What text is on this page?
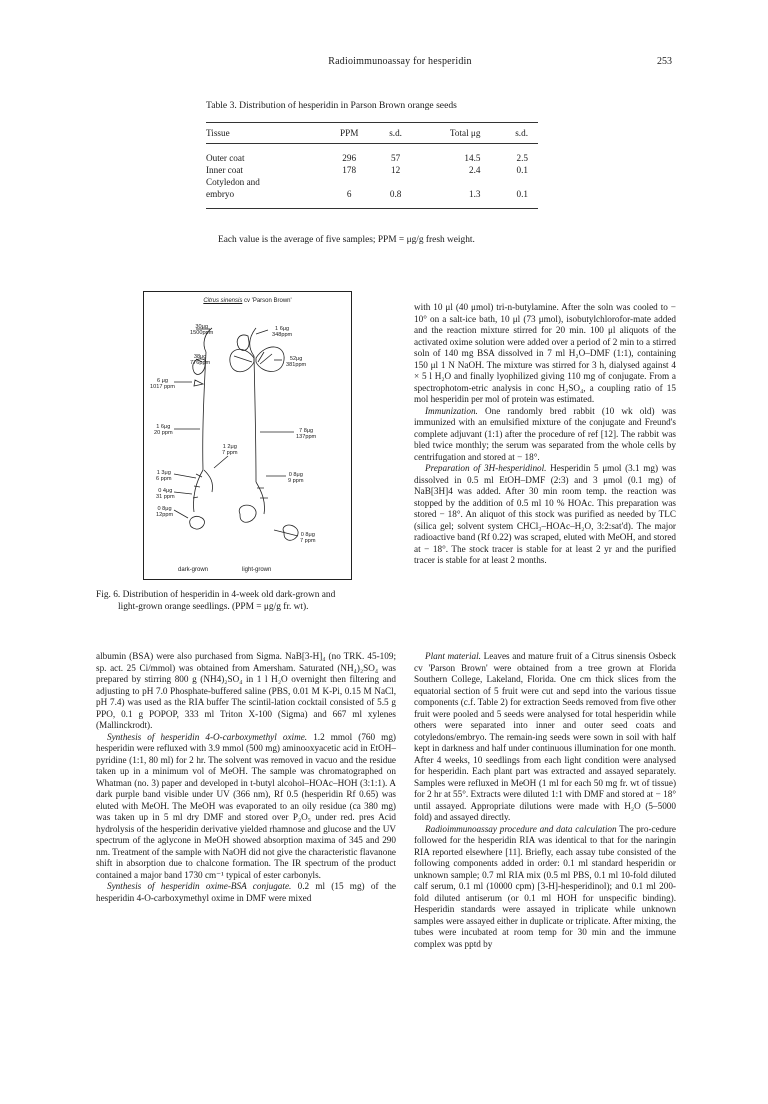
Radioimmunoassay for hesperidin	253
Table 3. Distribution of hesperidin in Parson Brown orange seeds
Tissue	PPM	s.d.	Total μg	s.d.
Outer coat	296	57	14.5	2.5
Inner coat	178	12	2.4	0.1
Cotyledon and				
embryo	6	0.8	1.3	0.1
Each value is the average of five samples; PPM = μg/g fresh weight.
Citrus sinensis cv 'Parson Brown'
30μg
1500ppm
38μg
776ppm
6 μg
1017 ppm
1 6μg
20 ppm
1 3μg
6 ppm
0 4μg
31 ppm
0 8μg
12ppm
1 6μg
348ppm
52μg
381ppm
7 8μg
137ppm
1 2μg
7 ppm
0 8μg
9 ppm
0 8μg
7 ppm
dark-grown	light-grown
Fig. 6. Distribution of hesperidin in 4-week old dark-grown and
light-grown orange seedlings. (PPM = μg/g fr. wt).

with 10 μl (40 μmol) tri-n-butylamine. After the soln was cooled to − 10° on a salt-ice bath, 10 μl (73 μmol), isobutylchlorofor-mate added and the reaction mixture stirred for 20 min. 100 μl aliquots of the activated oxime solution were added over a period of 2 min to a stirred soln of 140 mg BSA dissolved in 7 ml H₂O–DMF (1:1), containing 150 μl 1 N NaOH. The mixture was stirred for 3 h, dialysed against 4 × 5 l H₂O and finally lyophilized giving 110 mg of conjugate. From a spectrophotom-etric analysis in conc H₂SO₄, a coupling ratio of 15 mol hesperidin per mol of protein was estimated.

Immunization. One randomly bred rabbit (10 wk old) was immunized with an emulsified mixture of the conjugate and Freund's complete adjuvant (1:1) after the procedure of ref [12]. The rabbit was bled twice monthly; the serum was separated from the whole cells by centrifugation and stored at − 18°.

Preparation of 3H-hesperidinol. Hesperidin 5 μmol (3.1 mg) was dissolved in 0.5 ml EtOH–DMF (2:3) and 3 μmol (0.1 mg) of NaB[3H]4 was added. After 30 min room temp. the reaction was stopped by the addition of 0.5 ml 10 % HOAc. This preparation was stored − 18°. An aliquot of this stock was purified as needed by TLC (silica gel; solvent system CHCl₃–HOAc–H₂O, 3:2:sat'd). The major radioactive band (Rf 0.22) was scraped, eluted with MeOH, and stored at − 18°. The stock tracer is stable for at least 2 yr and the purified tracer is stable for at least 2 months.

albumin (BSA) were also purchased from Sigma. NaB[3-H]₄ (no TRK. 45-109; sp. act. 25 Ci/mmol) was obtained from Amersham. Saturated (NH₄)₂SO₄ was prepared by stirring 800 g (NH4)₂SO₄ in 1 l H₂O overnight then filtering and adjusting to pH 7.0 Phosphate-buffered saline (PBS, 0.01 M K-Pi, 0.15 M NaCl, pH 7.4) was used as the RIA buffer The scintil-lation cocktail consisted of 5.5 g PPO, 0.1 g POPOP, 333 ml Triton X-100 (Sigma) and 667 ml xylenes (Mallinckrodt).

Synthesis of hesperidin 4-O-carboxymethyl oxime. 1.2 mmol (760 mg) hesperidin were refluxed with 3.9 mmol (500 mg) aminooxyacetic acid in EtOH–pyridine (1:1, 80 ml) for 2 hr. The solvent was removed in vacuo and the residue taken up in a minimum vol of MeOH. The sample was chromatographed on Whatman (no. 3) paper and developed in t-butyl alcohol–HOAc–HOH (3:1:1). A dark purple band visible under UV (366 nm), Rf 0.5 (hesperidin Rf 0.65) was eluted with MeOH. The MeOH was evaporated to an oily residue (ca 380 mg) was taken up in 5 ml dry DMF and stored over P₂O₅ under red. pres Acid hydrolysis of the hesperidin derivative yielded rhamnose and glucose and the UV spectrum of the aglycone in MeOH showed absorption maxima of 345 and 290 nm. Treatment of the sample with NaOH did not give the characteristic flavanone shift in absorption due to chalcone formation. The IR spectrum of the product contained a major band 1730 cm⁻¹ typical of ester carbonyls.

Synthesis of hesperidin oxime-BSA conjugate. 0.2 ml (15 mg) of the hesperidin 4-O-carboxymethyl oxime in DMF were mixed

Plant material. Leaves and mature fruit of a Citrus sinensis Osbeck cv 'Parson Brown' were obtained from a tree grown at Florida Southern College, Lakeland, Florida. One cm thick slices from the equatorial section of 5 fruit were cut and sepd into the various tissue components (c.f. Table 2) for extraction Seeds removed from five other fruit were pooled and 5 seeds were analysed for total hesperidin while others were separated into inner and outer seed coats and cotyledons/embryo. The remain-ing seeds were sown in soil with half kept in darkness and half under continuous illumination for one month. After 4 weeks, 10 seedlings from each light condition were analysed for hesperidin. Each plant part was extracted and assayed separately. Samples were refluxed in MeOH (1 ml for each 50 mg fr. wt of tissue) for 2 hr at 55°. Extracts were diluted 1:1 with DMF and stored at − 18° until assayed. Appropriate dilutions were made with H₂O (5–5000 fold) and assayed directly.

Radioimmunoassay procedure and data calculation The pro-cedure followed for the hesperidin RIA was identical to that for the naringin RIA reported elsewhere [11]. Briefly, each assay tube consisted of the following components added in order: 0.1 ml standard hesperidin or unknown sample; 0.7 ml RIA mix (0.5 ml PBS, 0.1 ml 10-fold diluted calf serum, 0.1 ml (10000 cpm) [3-H]-hesperidinol); and 0.1 ml 200-fold diluted antiserum (or 0.1 ml HOH for unspecific binding). Hesperidin standards were assayed in triplicate while unknown samples were assayed either in duplicate or triplicate. After mixing, the tubes were incubated at room temp for 30 min and the immune complex was pptd by
